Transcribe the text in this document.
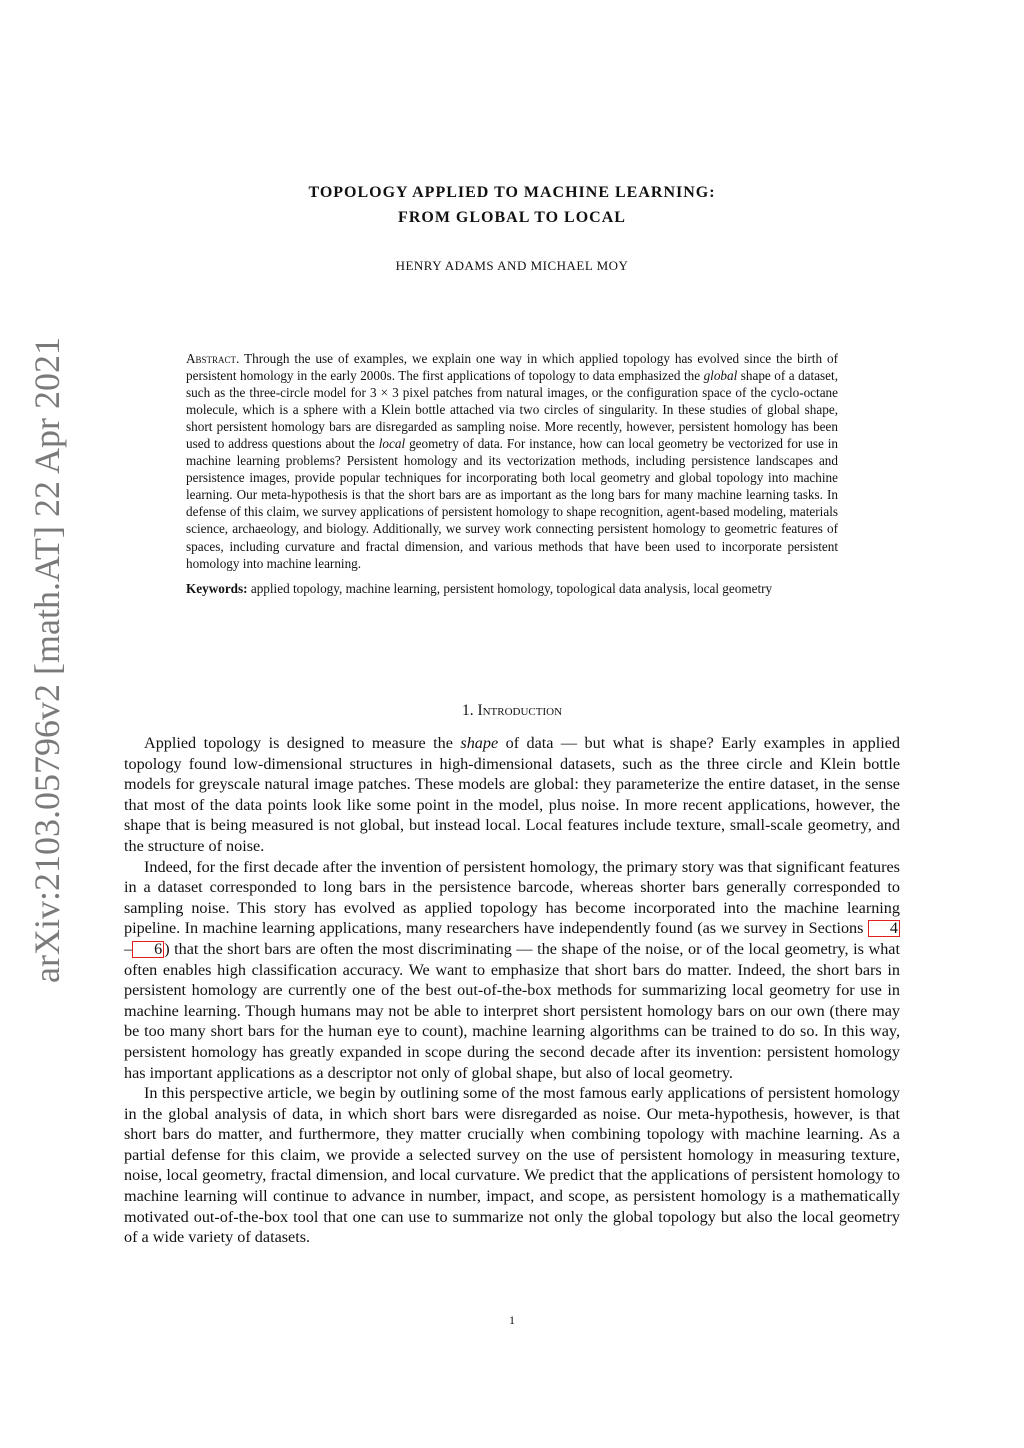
arXiv:2103.05796v2 [math.AT] 22 Apr 2021
TOPOLOGY APPLIED TO MACHINE LEARNING:
FROM GLOBAL TO LOCAL
HENRY ADAMS AND MICHAEL MOY

Abstract. Through the use of examples, we explain one way in which applied topology has evolved since the birth of persistent homology in the early 2000s. The first applications of topology to data emphasized the global shape of a dataset, such as the three-circle model for 3 × 3 pixel patches from natural images, or the configuration space of the cyclo-octane molecule, which is a sphere with a Klein bottle attached via two circles of singularity. In these studies of global shape, short persistent homology bars are disregarded as sampling noise. More recently, however, persistent homology has been used to address questions about the local geometry of data. For instance, how can local geometry be vectorized for use in machine learning problems? Persistent homology and its vectorization methods, including persistence landscapes and persistence images, provide popular techniques for incorporating both local geometry and global topology into machine learning. Our meta-hypothesis is that the short bars are as important as the long bars for many machine learning tasks. In defense of this claim, we survey applications of persistent homology to shape recognition, agent-based modeling, materials science, archaeology, and biology. Additionally, we survey work connecting persistent homology to geometric features of spaces, including curvature and fractal dimension, and various methods that have been used to incorporate persistent homology into machine learning.

Keywords: applied topology, machine learning, persistent homology, topological data analysis, local geometry

1. Introduction

Applied topology is designed to measure the shape of data — but what is shape? Early examples in applied topology found low-dimensional structures in high-dimensional datasets, such as the three circle and Klein bottle models for greyscale natural image patches. These models are global: they parameterize the entire dataset, in the sense that most of the data points look like some point in the model, plus noise. In more recent applications, however, the shape that is being measured is not global, but instead local. Local features include texture, small-scale geometry, and the structure of noise.

Indeed, for the first decade after the invention of persistent homology, the primary story was that significant features in a dataset corresponded to long bars in the persistence barcode, whereas shorter bars generally corresponded to sampling noise. This story has evolved as applied topology has become incorporated into the machine learning pipeline. In machine learning applications, many researchers have independently found (as we survey in Sections 4– 6 ) that the short bars are often the most discriminating — the shape of the noise, or of the local geometry, is what often enables high classification accuracy. We want to emphasize that short bars do matter. Indeed, the short bars in persistent homology are currently one of the best out-of-the-box methods for summarizing local geometry for use in machine learning. Though humans may not be able to interpret short persistent homology bars on our own (there may be too many short bars for the human eye to count), machine learning algorithms can be trained to do so. In this way, persistent homology has greatly expanded in scope during the second decade after its invention: persistent homology has important applications as a descriptor not only of global shape, but also of local geometry.

In this perspective article, we begin by outlining some of the most famous early applications of persistent homology in the global analysis of data, in which short bars were disregarded as noise. Our meta-hypothesis, however, is that short bars do matter, and furthermore, they matter crucially when combining topology with machine learning. As a partial defense for this claim, we provide a selected survey on the use of persistent homology in measuring texture, noise, local geometry, fractal dimension, and local curvature. We predict that the applications of persistent homology to machine learning will continue to advance in number, impact, and scope, as persistent homology is a mathematically motivated out-of-the-box tool that one can use to summarize not only the global topology but also the local geometry of a wide variety of datasets.

1
